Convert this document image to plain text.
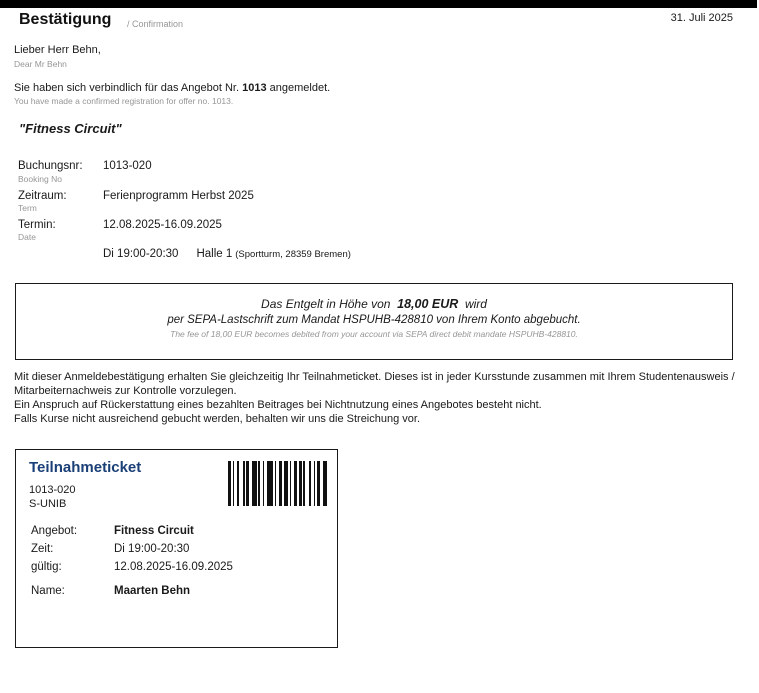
Bestätigung / Confirmation	31. Juli 2025
Lieber Herr Behn,
Dear Mr Behn
Sie haben sich verbindlich für das Angebot Nr. 1013 angemeldet.
You have made a confirmed registration for offer no. 1013.
"Fitness Circuit"
Buchungsnr:
Booking No
1013-020
Zeitraum:
Term
Ferienprogramm Herbst 2025
Termin:
Date
12.08.2025-16.09.2025
Di 19:00-20:30 Halle 1 (Sportturm, 28359 Bremen)
Das Entgelt in Höhe von  18,00 EUR  wird
per SEPA-Lastschrift zum Mandat HSPUHB-428810 von Ihrem Konto abgebucht.
The fee of 18,00 EUR becomes debited from your account via SEPA direct debit mandate HSPUHB-428810.

Mit dieser Anmeldebestätigung erhalten Sie gleichzeitig Ihr Teilnahmeticket. Dieses ist in jeder Kursstunde zusammen mit Ihrem Studentenausweis / Mitarbeiternachweis zur Kontrolle vorzulegen.

Ein Anspruch auf Rückerstattung eines bezahlten Beitrages bei Nichtnutzung eines Angebotes besteht nicht.

Falls Kurse nicht ausreichend gebucht werden, behalten wir uns die Streichung vor.

Teilnahmeticket
1013-020
S-UNIB
Angebot:	Fitness Circuit
Zeit:	Di 19:00-20:30
gültig:	12.08.2025-16.09.2025
Name:	Maarten Behn
